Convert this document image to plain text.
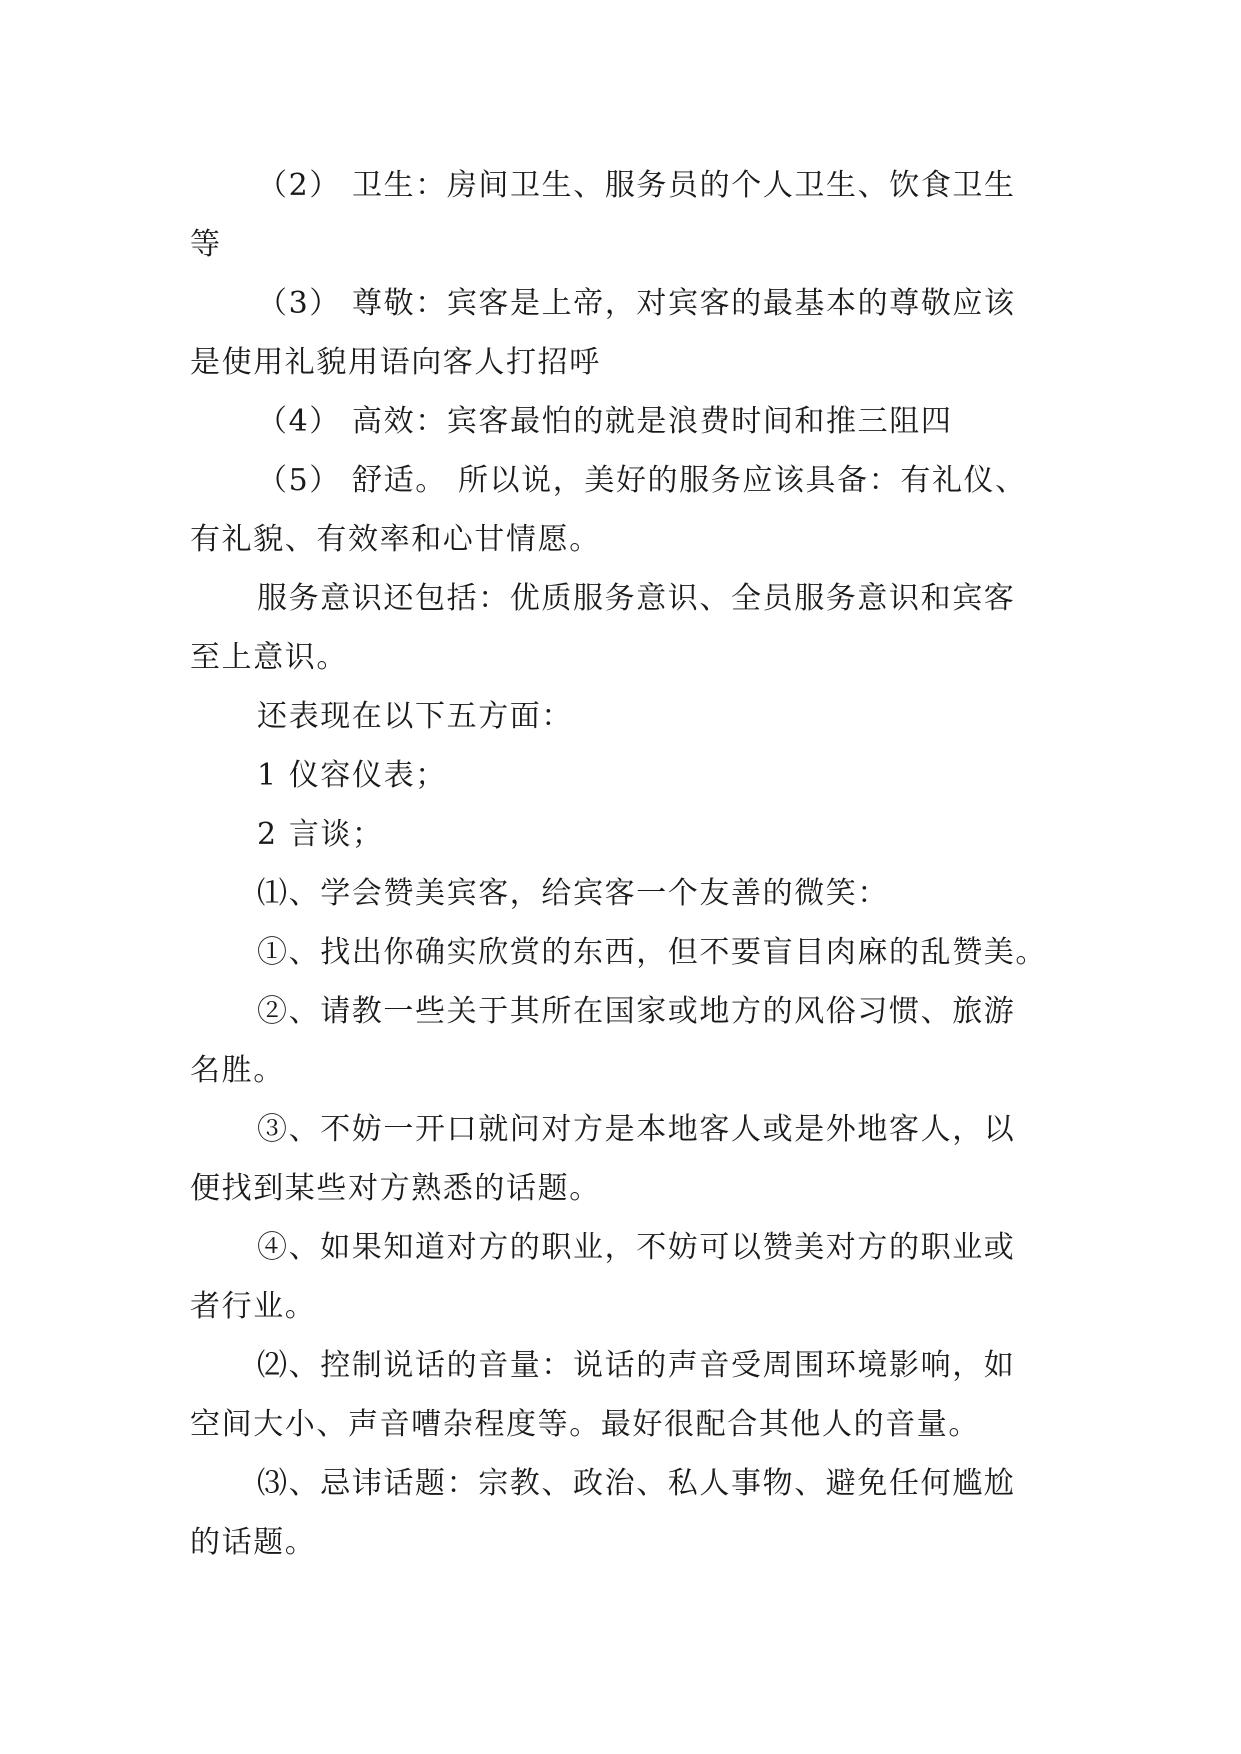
（2） 卫生：房间卫生、服务员的个人卫生、饮食卫生
等

（3） 尊敬：宾客是上帝，对宾客的最基本的尊敬应该
是使用礼貌用语向客人打招呼

（4） 高效：宾客最怕的就是浪费时间和推三阻四

（5） 舒适。 所以说，美好的服务应该具备：有礼仪、
有礼貌、有效率和心甘情愿。

服务意识还包括：优质服务意识、全员服务意识和宾客
至上意识。

还表现在以下五方面：

1 仪容仪表；

2 言谈；

⑴、学会赞美宾客，给宾客一个友善的微笑：

①、找出你确实欣赏的东西，但不要盲目肉麻的乱赞美。

②、请教一些关于其所在国家或地方的风俗习惯、旅游
名胜。

③、不妨一开口就问对方是本地客人或是外地客人，以
便找到某些对方熟悉的话题。

④、如果知道对方的职业，不妨可以赞美对方的职业或
者行业。

⑵、控制说话的音量：说话的声音受周围环境影响，如
空间大小、声音嘈杂程度等。最好很配合其他人的音量。

⑶、忌讳话题：宗教、政治、私人事物、避免任何尴尬
的话题。
